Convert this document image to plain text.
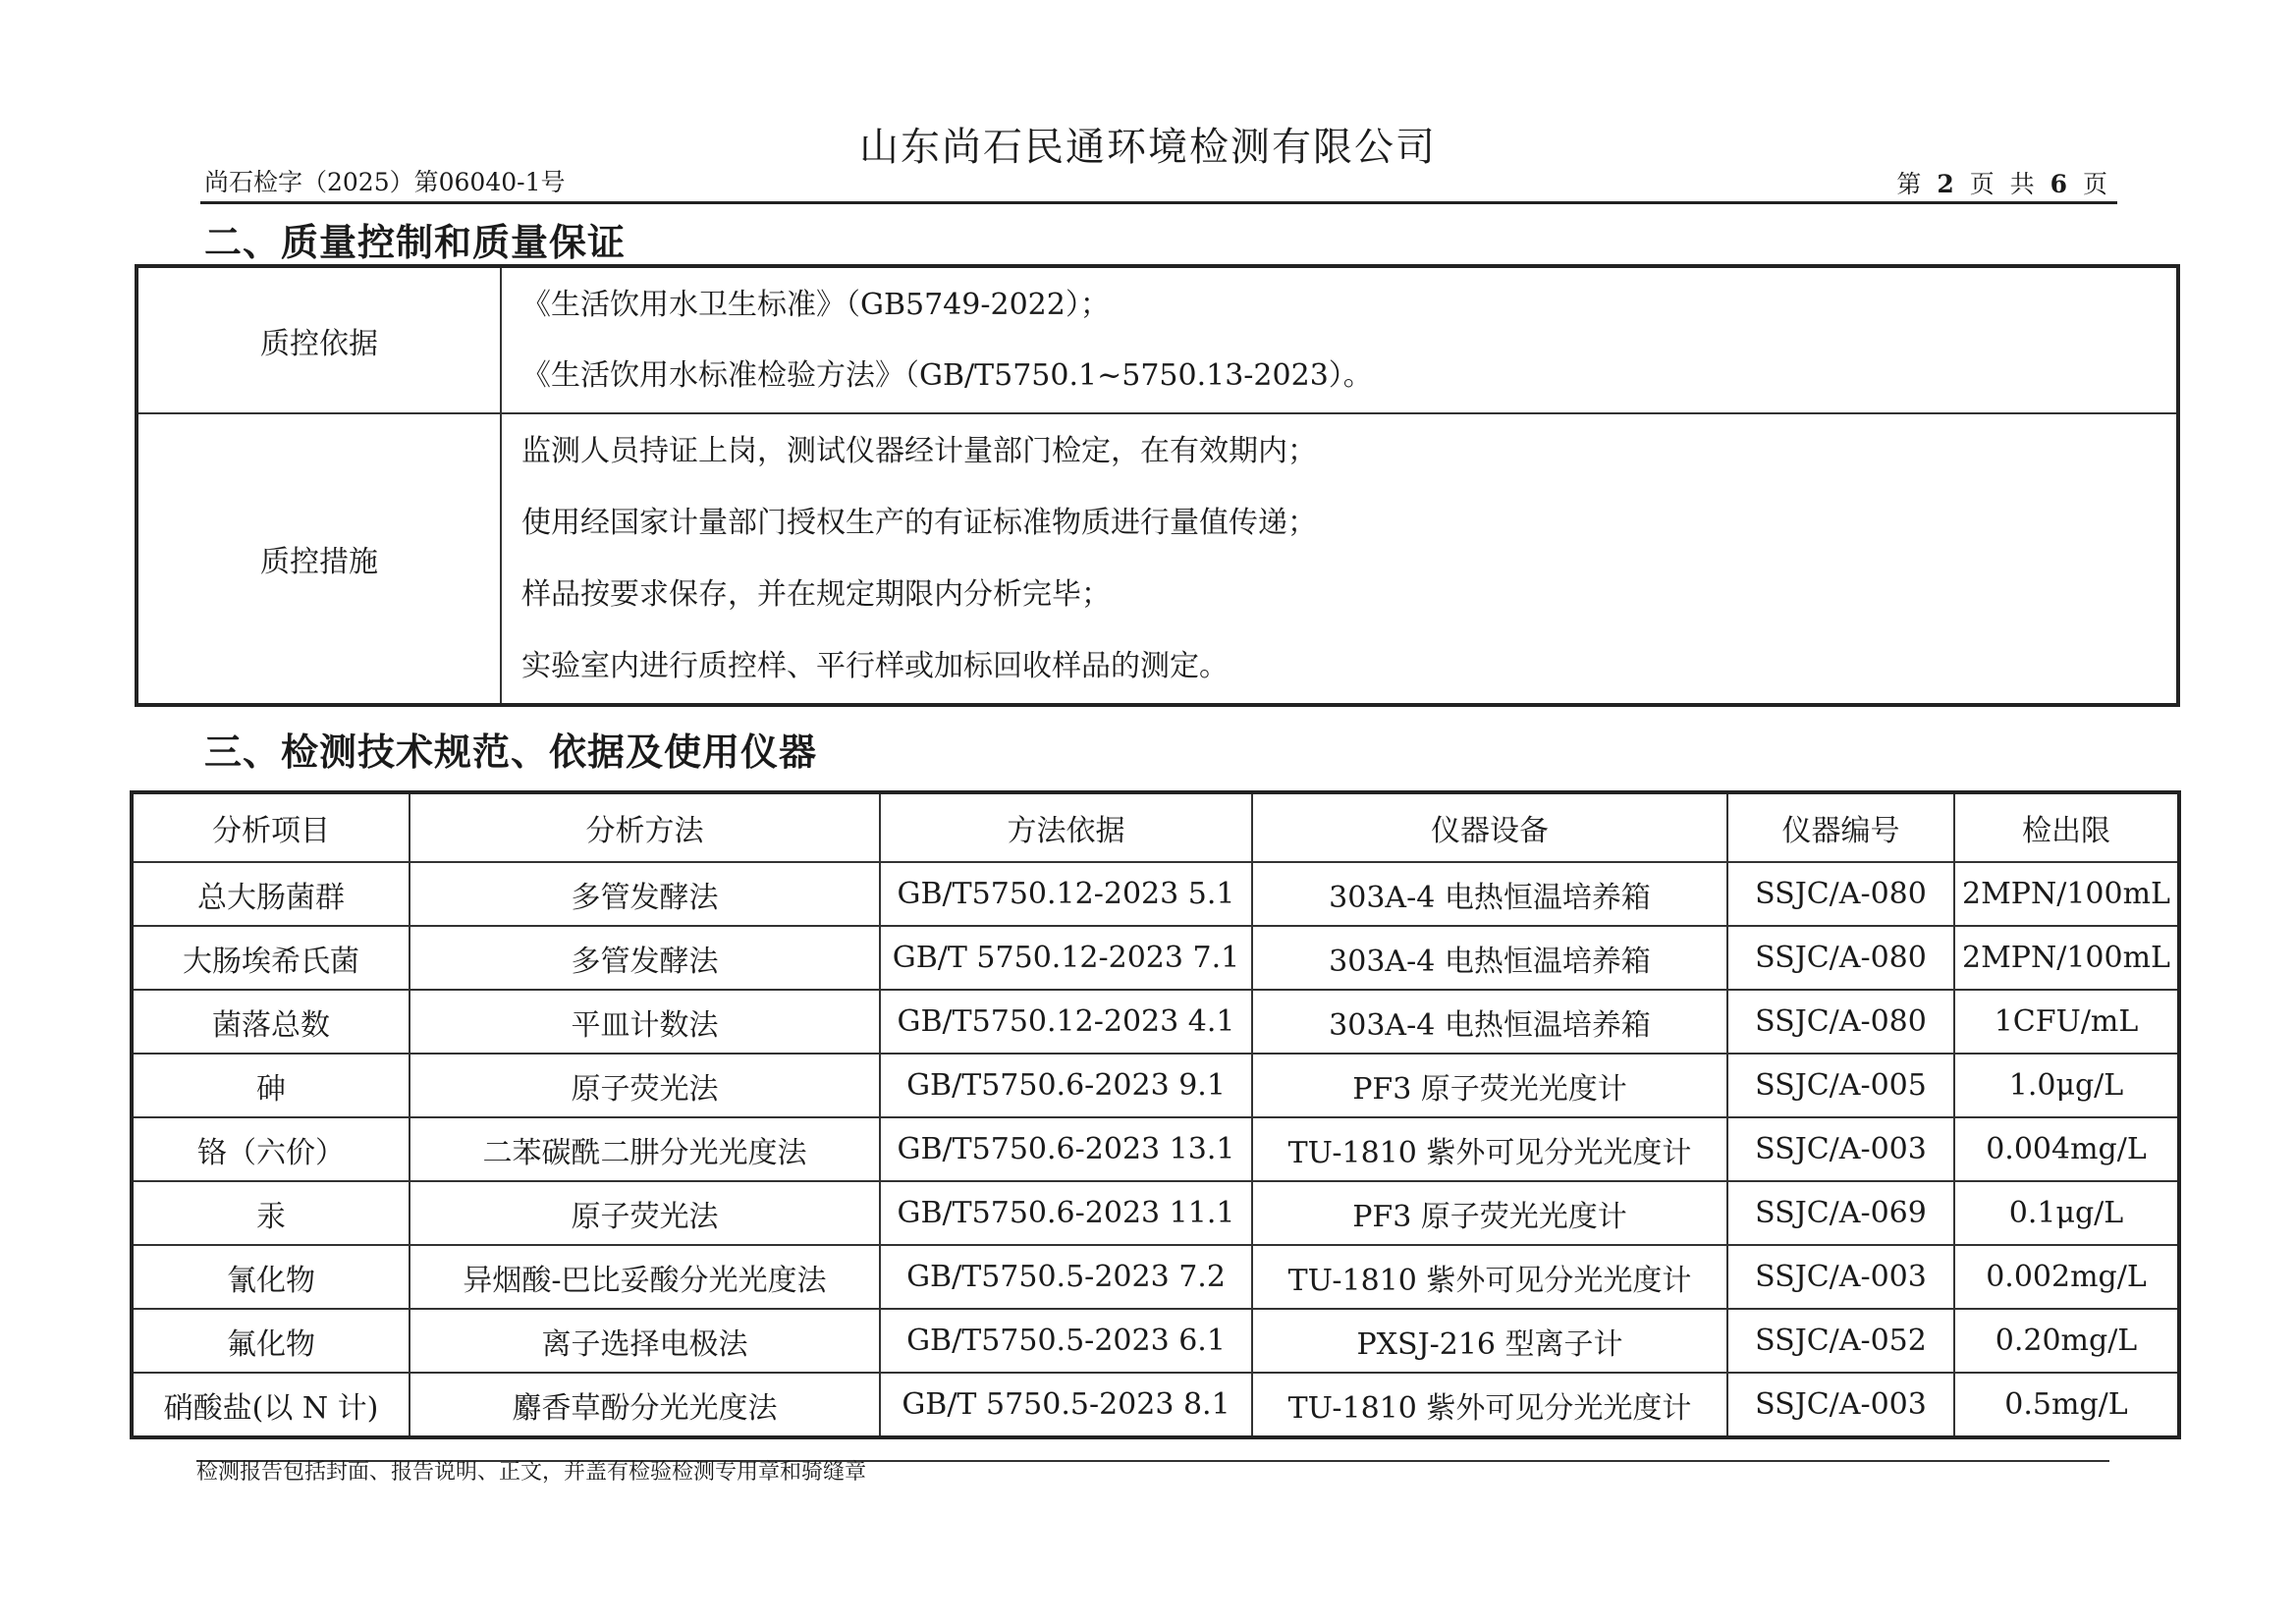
山东尚石民通环境检测有限公司
尚石检字（2025）第06040-1号	第 2 页 共 6 页
二、质量控制和质量保证
质控依据	《生活饮用水卫生标准》（GB5749-2022）；
《生活饮用水标准检验方法》（GB/T5750.1~5750.13-2023）。

质控措施	监测人员持证上岗，测试仪器经计量部门检定，在有效期内；
使用经国家计量部门授权生产的有证标准物质进行量值传递；
样品按要求保存，并在规定期限内分析完毕；
实验室内进行质控样、平行样或加标回收样品的测定。
三、检测技术规范、依据及使用仪器
分析项目	分析方法	方法依据	仪器设备	仪器编号	检出限
总大肠菌群	多管发酵法	GB/T5750.12-2023 5.1	303A-4 电热恒温培养箱	SSJC/A-080	2MPN/100mL
大肠埃希氏菌	多管发酵法	GB/T 5750.12-2023 7.1	303A-4 电热恒温培养箱	SSJC/A-080	2MPN/100mL
菌落总数	平皿计数法	GB/T5750.12-2023 4.1	303A-4 电热恒温培养箱	SSJC/A-080	1CFU/mL
砷	原子荧光法	GB/T5750.6-2023 9.1	PF3 原子荧光光度计	SSJC/A-005	1.0μg/L
铬（六价）	二苯碳酰二肼分光光度法	GB/T5750.6-2023 13.1	TU-1810 紫外可见分光光度计	SSJC/A-003	0.004mg/L
汞	原子荧光法	GB/T5750.6-2023 11.1	PF3 原子荧光光度计	SSJC/A-069	0.1μg/L
氰化物	异烟酸-巴比妥酸分光光度法	GB/T5750.5-2023 7.2	TU-1810 紫外可见分光光度计	SSJC/A-003	0.002mg/L
氟化物	离子选择电极法	GB/T5750.5-2023 6.1	PXSJ-216 型离子计	SSJC/A-052	0.20mg/L
硝酸盐(以 N 计)	麝香草酚分光光度法	GB/T 5750.5-2023 8.1	TU-1810 紫外可见分光光度计	SSJC/A-003	0.5mg/L
检测报告包括封面、报告说明、正文，并盖有检验检测专用章和骑缝章
